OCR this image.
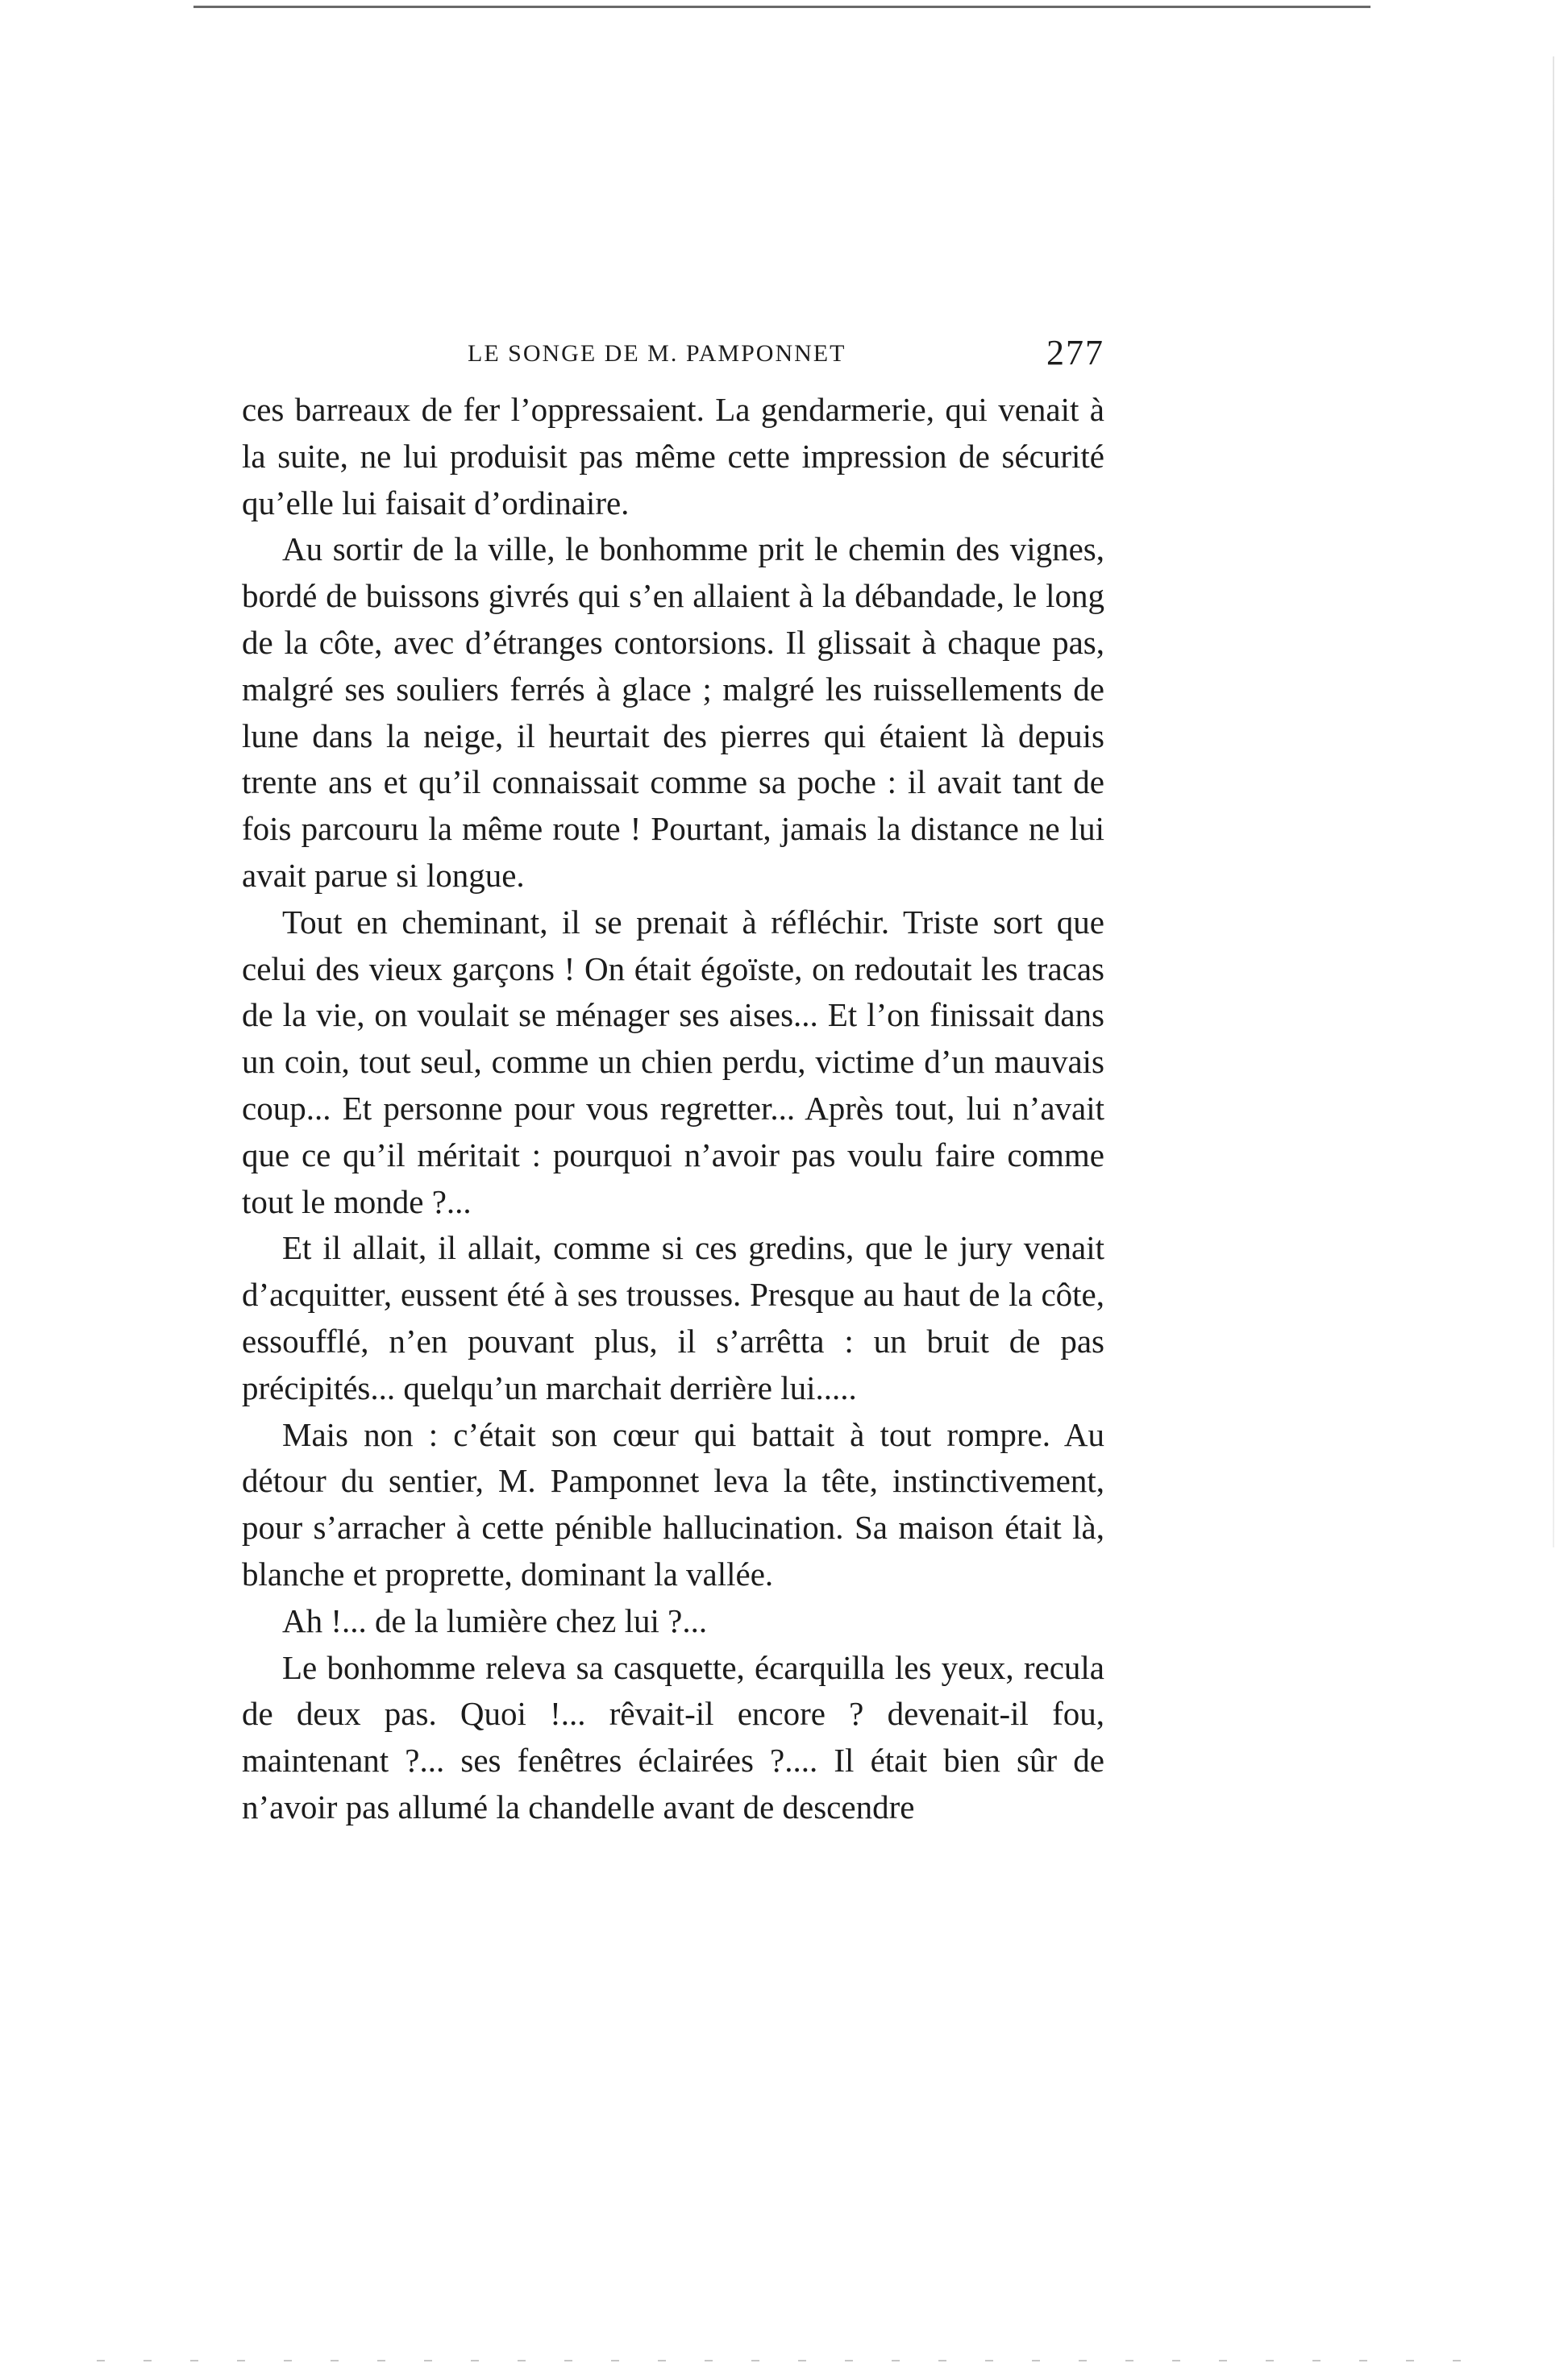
LE SONGE DE M. PAMPONNET	277

ces barreaux de fer l’oppressaient. La gendarmerie, qui venait à la suite, ne lui produisit pas même cette impression de sécurité qu’elle lui faisait d’ordinaire.

Au sortir de la ville, le bonhomme prit le chemin des vignes, bordé de buissons givrés qui s’en allaient à la débandade, le long de la côte, avec d’étranges contorsions. Il glissait à chaque pas, malgré ses souliers ferrés à glace ; malgré les ruissellements de lune dans la neige, il heurtait des pierres qui étaient là depuis trente ans et qu’il connaissait comme sa poche : il avait tant de fois parcouru la même route ! Pourtant, jamais la distance ne lui avait parue si longue.

Tout en cheminant, il se prenait à réfléchir. Triste sort que celui des vieux garçons ! On était égoïste, on redoutait les tracas de la vie, on voulait se ménager ses aises... Et l’on finissait dans un coin, tout seul, comme un chien perdu, victime d’un mauvais coup... Et personne pour vous regretter... Après tout, lui n’avait que ce qu’il méritait : pourquoi n’avoir pas voulu faire comme tout le monde ?...

Et il allait, il allait, comme si ces gredins, que le jury venait d’acquitter, eussent été à ses trousses. Presque au haut de la côte, essoufflé, n’en pouvant plus, il s’arrêtta : un bruit de pas précipités... quelqu’un marchait derrière lui.....

Mais non : c’était son cœur qui battait à tout rompre. Au détour du sentier, M. Pamponnet leva la tête, instinctivement, pour s’arracher à cette pénible hallucination. Sa maison était là, blanche et proprette, dominant la vallée.

Ah !... de la lumière chez lui ?...

Le bonhomme releva sa casquette, écarquilla les yeux, recula de deux pas. Quoi !... rêvait-il encore ? devenait-il fou, maintenant ?... ses fenêtres éclairées ?.... Il était bien sûr de n’avoir pas allumé la chandelle avant de descendre
